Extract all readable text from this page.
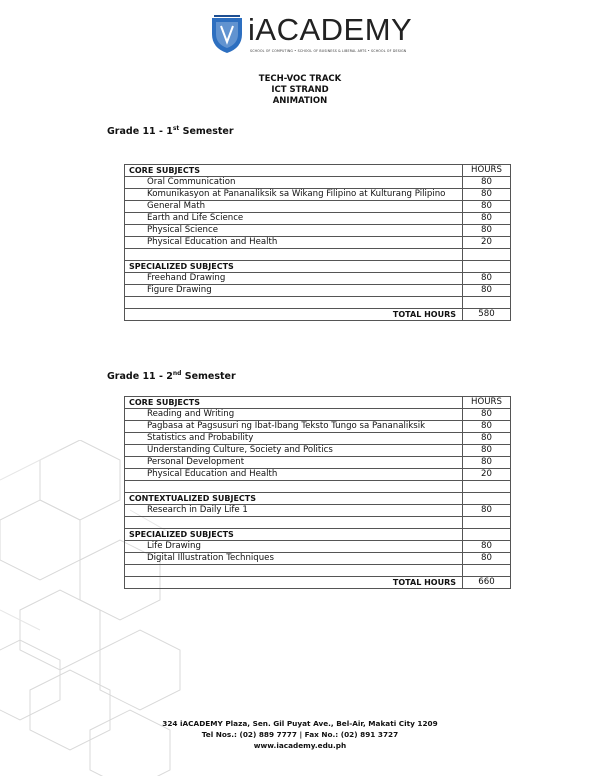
iACADEMY
SCHOOL OF COMPUTING • SCHOOL OF BUSINESS & LIBERAL ARTS • SCHOOL OF DESIGN
TECH-VOC TRACK
ICT STRAND
ANIMATION
Grade 11 - 1st Semester
CORE SUBJECTS	HOURS
Oral Communication	80
Komunikasyon at Pananaliksik sa Wikang Filipino at Kulturang Pilipino	80
General Math	80
Earth and Life Science	80
Physical Science	80
Physical Education and Health	20

SPECIALIZED SUBJECTS	
Freehand Drawing	80
Figure Drawing	80

TOTAL HOURS	580
Grade 11 - 2nd Semester
CORE SUBJECTS	HOURS
Reading and Writing	80
Pagbasa at Pagsusuri ng Ibat-Ibang Teksto Tungo sa Pananaliksik	80
Statistics and Probability	80
Understanding Culture, Society and Politics	80
Personal Development	80
Physical Education and Health	20

CONTEXTUALIZED SUBJECTS	
Research in Daily Life 1	80

SPECIALIZED SUBJECTS	
Life Drawing	80
Digital Illustration Techniques	80

TOTAL HOURS	660
324 iACADEMY Plaza, Sen. Gil Puyat Ave., Bel-Air, Makati City 1209
Tel Nos.: (02) 889 7777 | Fax No.: (02) 891 3727
www.iacademy.edu.ph
